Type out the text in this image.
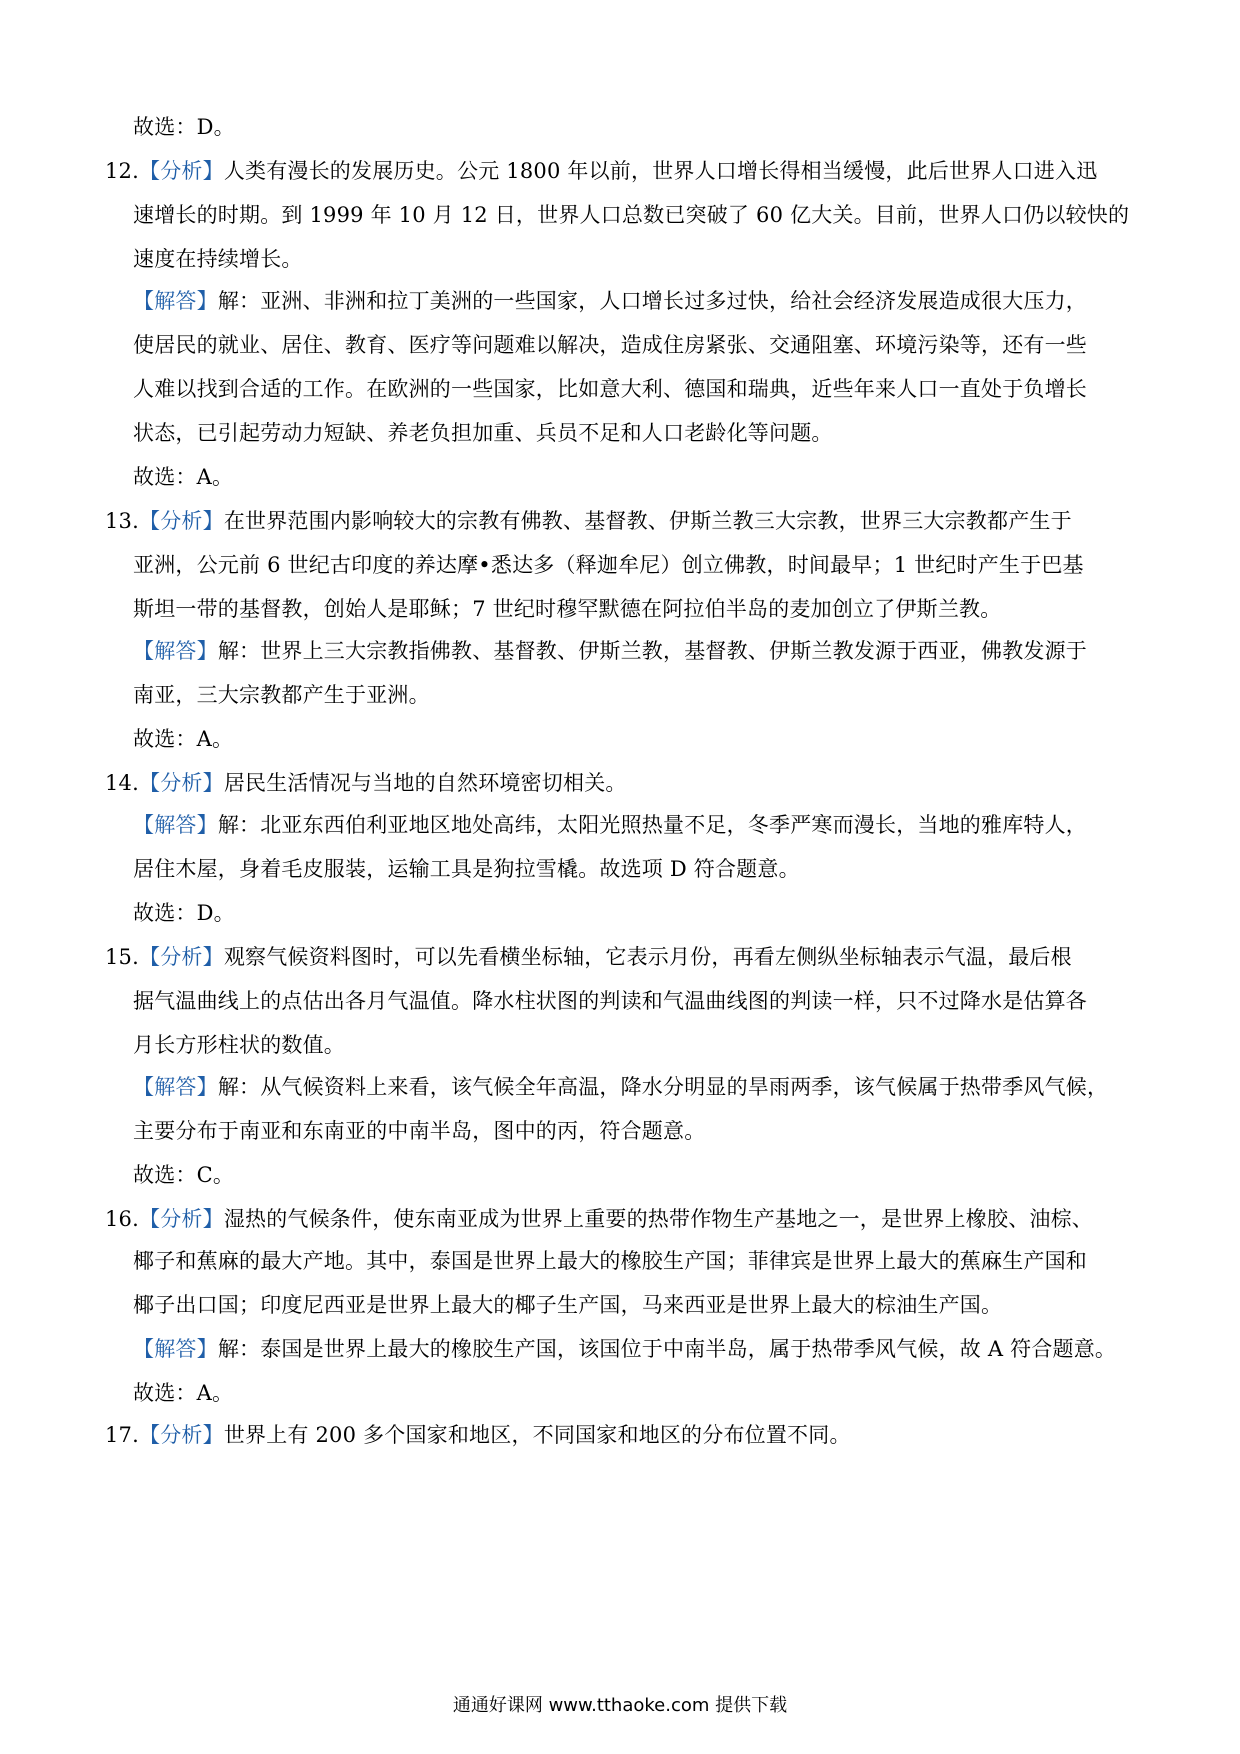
故选：D。
12.【分析】人类有漫长的发展历史。公元 1800 年以前，世界人口增长得相当缓慢，此后世界人口进入迅
速增长的时期。到 1999 年 10 月 12 日，世界人口总数已突破了 60 亿大关。目前，世界人口仍以较快的
速度在持续增长。
【解答】解：亚洲、非洲和拉丁美洲的一些国家，人口增长过多过快，给社会经济发展造成很大压力，
使居民的就业、居住、教育、医疗等问题难以解决，造成住房紧张、交通阻塞、环境污染等，还有一些
人难以找到合适的工作。在欧洲的一些国家，比如意大利、德国和瑞典，近些年来人口一直处于负增长
状态，已引起劳动力短缺、养老负担加重、兵员不足和人口老龄化等问题。
故选：A。
13.【分析】在世界范围内影响较大的宗教有佛教、基督教、伊斯兰教三大宗教，世界三大宗教都产生于
亚洲，公元前 6 世纪古印度的养达摩•悉达多（释迦牟尼）创立佛教，时间最早；1 世纪时产生于巴基
斯坦一带的基督教，创始人是耶稣；7 世纪时穆罕默德在阿拉伯半岛的麦加创立了伊斯兰教。
【解答】解：世界上三大宗教指佛教、基督教、伊斯兰教，基督教、伊斯兰教发源于西亚，佛教发源于
南亚，三大宗教都产生于亚洲。
故选：A。
14.【分析】居民生活情况与当地的自然环境密切相关。
【解答】解：北亚东西伯利亚地区地处高纬，太阳光照热量不足，冬季严寒而漫长，当地的雅库特人，
居住木屋，身着毛皮服装，运输工具是狗拉雪橇。故选项 D 符合题意。
故选：D。
15.【分析】观察气候资料图时，可以先看横坐标轴，它表示月份，再看左侧纵坐标轴表示气温，最后根
据气温曲线上的点估出各月气温值。降水柱状图的判读和气温曲线图的判读一样，只不过降水是估算各
月长方形柱状的数值。
【解答】解：从气候资料上来看，该气候全年高温，降水分明显的旱雨两季，该气候属于热带季风气候，
主要分布于南亚和东南亚的中南半岛，图中的丙，符合题意。
故选：C。
16.【分析】湿热的气候条件，使东南亚成为世界上重要的热带作物生产基地之一，是世界上橡胶、油棕、
椰子和蕉麻的最大产地。其中，泰国是世界上最大的橡胶生产国；菲律宾是世界上最大的蕉麻生产国和
椰子出口国；印度尼西亚是世界上最大的椰子生产国，马来西亚是世界上最大的棕油生产国。
【解答】解：泰国是世界上最大的橡胶生产国，该国位于中南半岛，属于热带季风气候，故 A 符合题意。
故选：A。
17.【分析】世界上有 200 多个国家和地区，不同国家和地区的分布位置不同。
通通好课网 www.tthaoke.com 提供下载
